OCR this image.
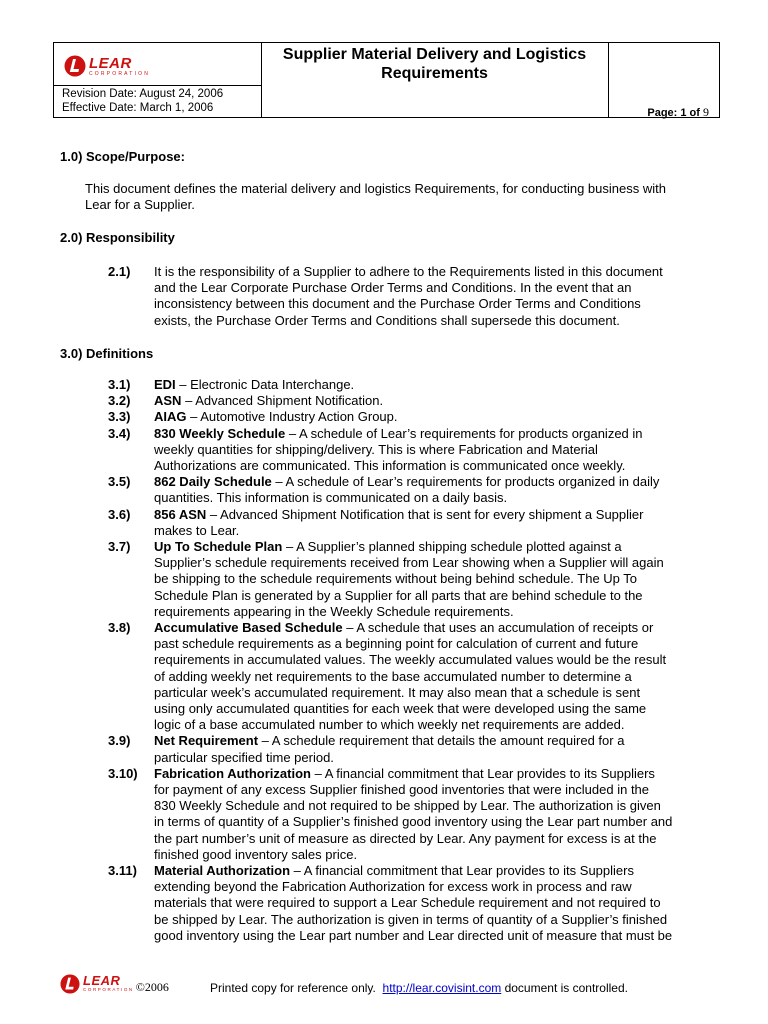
LEAR
CORPORATION
Supplier Material Delivery and Logistics
Requirements
Revision Date: August 24, 2006
Effective Date: March 1, 2006	Page: 1 of 9
1.0) Scope/Purpose:
This document defines the material delivery and logistics Requirements, for conducting business with
Lear for a Supplier.
2.0) Responsibility
2.1) It is the responsibility of a Supplier to adhere to the Requirements listed in this document
and the Lear Corporate Purchase Order Terms and Conditions. In the event that an
inconsistency between this document and the Purchase Order Terms and Conditions
exists, the Purchase Order Terms and Conditions shall supersede this document.
3.0) Definitions
3.1) EDI – Electronic Data Interchange.
3.2) ASN – Advanced Shipment Notification.
3.3) AIAG – Automotive Industry Action Group.
3.4) 830 Weekly Schedule – A schedule of Lear’s requirements for products organized in
weekly quantities for shipping/delivery. This is where Fabrication and Material
Authorizations are communicated. This information is communicated once weekly.
3.5) 862 Daily Schedule – A schedule of Lear’s requirements for products organized in daily
quantities. This information is communicated on a daily basis.
3.6) 856 ASN – Advanced Shipment Notification that is sent for every shipment a Supplier
makes to Lear.
3.7) Up To Schedule Plan – A Supplier’s planned shipping schedule plotted against a
Supplier’s schedule requirements received from Lear showing when a Supplier will again
be shipping to the schedule requirements without being behind schedule. The Up To
Schedule Plan is generated by a Supplier for all parts that are behind schedule to the
requirements appearing in the Weekly Schedule requirements.
3.8) Accumulative Based Schedule – A schedule that uses an accumulation of receipts or
past schedule requirements as a beginning point for calculation of current and future
requirements in accumulated values. The weekly accumulated values would be the result
of adding weekly net requirements to the base accumulated number to determine a
particular week’s accumulated requirement. It may also mean that a schedule is sent
using only accumulated quantities for each week that were developed using the same
logic of a base accumulated number to which weekly net requirements are added.
3.9) Net Requirement – A schedule requirement that details the amount required for a
particular specified time period.
3.10) Fabrication Authorization – A financial commitment that Lear provides to its Suppliers
for payment of any excess Supplier finished good inventories that were included in the
830 Weekly Schedule and not required to be shipped by Lear. The authorization is given
in terms of quantity of a Supplier’s finished good inventory using the Lear part number and
the part number’s unit of measure as directed by Lear. Any payment for excess is at the
finished good inventory sales price.
3.11) Material Authorization – A financial commitment that Lear provides to its Suppliers
extending beyond the Fabrication Authorization for excess work in process and raw
materials that were required to support a Lear Schedule requirement and not required to
be shipped by Lear. The authorization is given in terms of quantity of a Supplier’s finished
good inventory using the Lear part number and Lear directed unit of measure that must be
LEAR
CORPORATION ©2006	Printed copy for reference only.  http://lear.covisint.com document is controlled.
